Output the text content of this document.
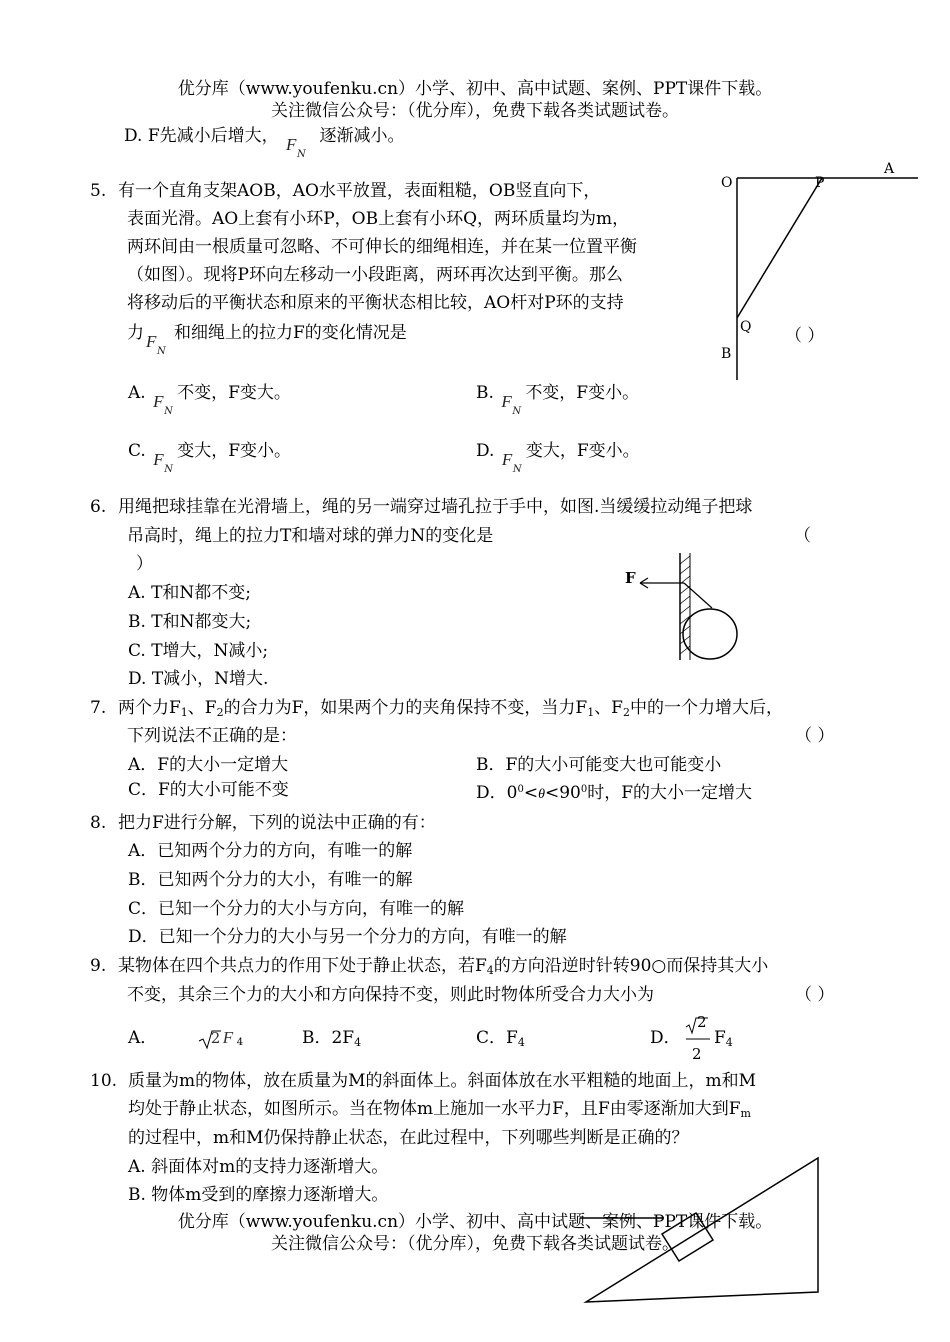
优分库（www.youfenku.cn）小学、初中、高中试题、案例、PPT课件下载。
关注微信公众号：（优分库），免费下载各类试题试卷。
D. F先减小后增大， F
N
逐渐减小。
5. 有一个直角支架AOB，AO水平放置，表面粗糙，OB竖直向下，
表面光滑。AO上套有小环P，OB上套有小环Q，两环质量均为m，
两环间由一根质量可忽略、不可伸长的细绳相连，并在某一位置平衡
（如图）。现将P环向左移动一小段距离，两环再次达到平衡。那么
将移动后的平衡状态和原来的平衡状态相比较，AO杆对P环的支持
力 F
N
和细绳上的拉力F的变化情况是
O	P
A
Q
B
（ ）
A. F
N
不变，F变大。	B. F
N
不变，F变小。
C. F
N
变大，F变小。	D. F
N
变大，F变小。
6. 用绳把球挂靠在光滑墙上，绳的另一端穿过墙孔拉于手中，如图.当缓缓拉动绳子把球
吊高时，绳上的拉力T和墙对球的弹力N的变化是	（
）
A. T和N都不变;
B. T和N都变大;
C. T增大，N减小;
D. T减小，N增大.
F
7. 两个力$F_1$、$F_2$的合力为F，如果两个力的夹角保持不变，当力$F_1$、$F_2$中的一个力增大后，
下列说法不正确的是：	（ ）
A．F的大小一定增大	B．F的大小可能变大也可能变小
C．F的大小可能不变	D．$0^0<\theta<90^0$时，F的大小一定增大
8. 把力F进行分解，下列的说法中正确的有：
A．已知两个分力的方向，有唯一的解
B．已知两个分力的大小，有唯一的解
C．已知一个分力的大小与方向，有唯一的解
D．已知一个分力的大小与另一个分力的方向，有唯一的解
9. 某物体在四个共点力的作用下处于静止状态，若$F_4$的方向沿逆时针转90○而保持其大小
不变，其余三个力的大小和方向保持不变，则此时物体所受合力大小为	（ ）
A．	2 F 4	B．$2F_4$	C．$F_4$	D．
2
2
$F_4$
10. 质量为m的物体，放在质量为M的斜面体上。斜面体放在水平粗糙的地面上，m和M
均处于静止状态，如图所示。当在物体m上施加一水平力F，且F由零逐渐加大到$F_m$
的过程中，m和M仍保持静止状态，在此过程中，下列哪些判断是正确的？
A. 斜面体对m的支持力逐渐增大。
B. 物体m受到的摩擦力逐渐增大。
优分库（www.youfenku.cn）小学、初中、高中试题、案例、PPT课件下载。
关注微信公众号：（优分库），免费下载各类试题试卷。
